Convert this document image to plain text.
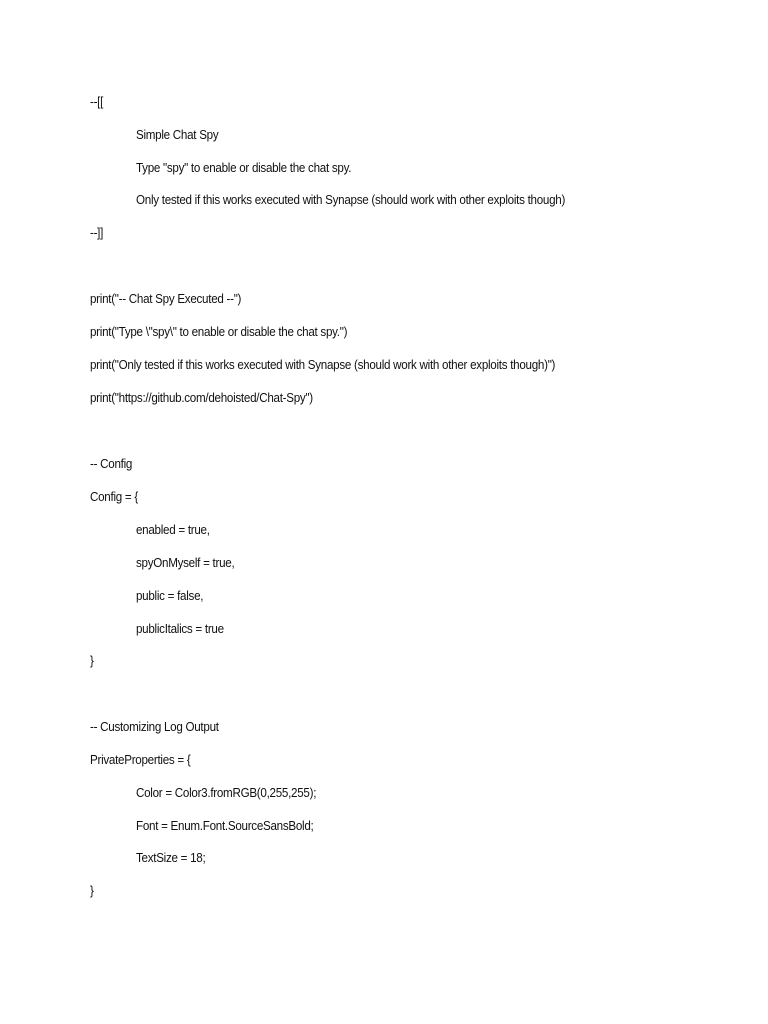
--[[
Simple Chat Spy
Type "spy" to enable or disable the chat spy.
Only tested if this works executed with Synapse (should work with other exploits though)
--]]
print("-- Chat Spy Executed --")
print("Type \"spy\" to enable or disable the chat spy.")
print("Only tested if this works executed with Synapse (should work with other exploits though)")
print("https://github.com/dehoisted/Chat-Spy")
-- Config
Config = {
enabled = true,
spyOnMyself = true,
public = false,
publicItalics = true
}
-- Customizing Log Output
PrivateProperties = {
Color = Color3.fromRGB(0,255,255);
Font = Enum.Font.SourceSansBold;
TextSize = 18;
}
